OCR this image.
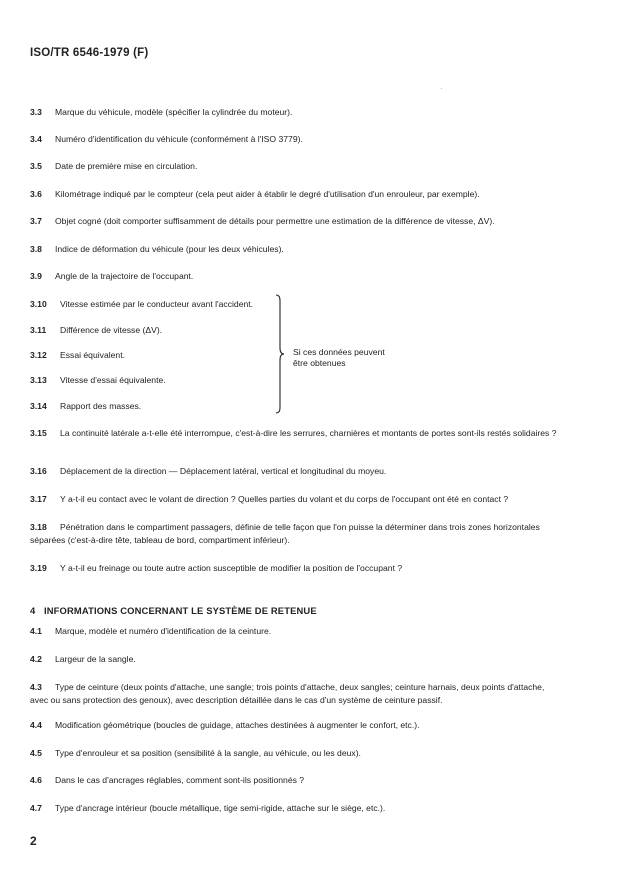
ISO/TR 6546-1979 (F)
3.3 Marque du véhicule, modèle (spécifier la cylindrée du moteur).
3.4 Numéro d'identification du véhicule (conformément à l'ISO 3779).
3.5 Date de première mise en circulation.
3.6 Kilométrage indiqué par le compteur (cela peut aider à établir le degré d'utilisation d'un enrouleur, par exemple).
3.7 Objet cogné (doit comporter suffisamment de détails pour permettre une estimation de la différence de vitesse, ΔV).
3.8 Indice de déformation du véhicule (pour les deux véhicules).
3.9 Angle de la trajectoire de l'occupant.
3.10 Vitesse estimée par le conducteur avant l'accident.
3.11 Différence de vitesse (ΔV).
3.12 Essai équivalent.
3.13 Vitesse d'essai équivalente.
3.14 Rapport des masses.
Si ces données peuvent
être obtenues
3.15	La continuité latérale a-t-elle été interrompue, c'est-à-dire les serrures, charnières et montants de portes sont-ils restés solidaires ?
3.16 Déplacement de la direction — Déplacement latéral, vertical et longitudinal du moyeu.
3.17 Y a-t-il eu contact avec le volant de direction ? Quelles parties du volant et du corps de l'occupant ont été en contact ?
3.18	Pénétration dans le compartiment passagers, définie de telle façon que l'on puisse la déterminer dans trois zones horizontales séparées (c'est-à-dire tête, tableau de bord, compartiment inférieur).
3.19 Y a-t-il eu freinage ou toute autre action susceptible de modifier la position de l'occupant ?
4 INFORMATIONS CONCERNANT LE SYSTÈME DE RETENUE
4.1 Marque, modèle et numéro d'identification de la ceinture.
4.2 Largeur de la sangle.
4.3	Type de ceinture (deux points d'attache, une sangle; trois points d'attache, deux sangles; ceinture harnais, deux points d'attache, avec ou sans protection des genoux), avec description détaillée dans le cas d'un système de ceinture passif.
4.4 Modification géométrique (boucles de guidage, attaches destinées à augmenter le confort, etc.).
4.5 Type d'enrouleur et sa position (sensibilité à la sangle, au véhicule, ou les deux).
4.6 Dans le cas d'ancrages réglables, comment sont-ils positionnés ?
4.7 Type d'ancrage intérieur (boucle métallique, tige semi-rigide, attache sur le siège, etc.).
2
